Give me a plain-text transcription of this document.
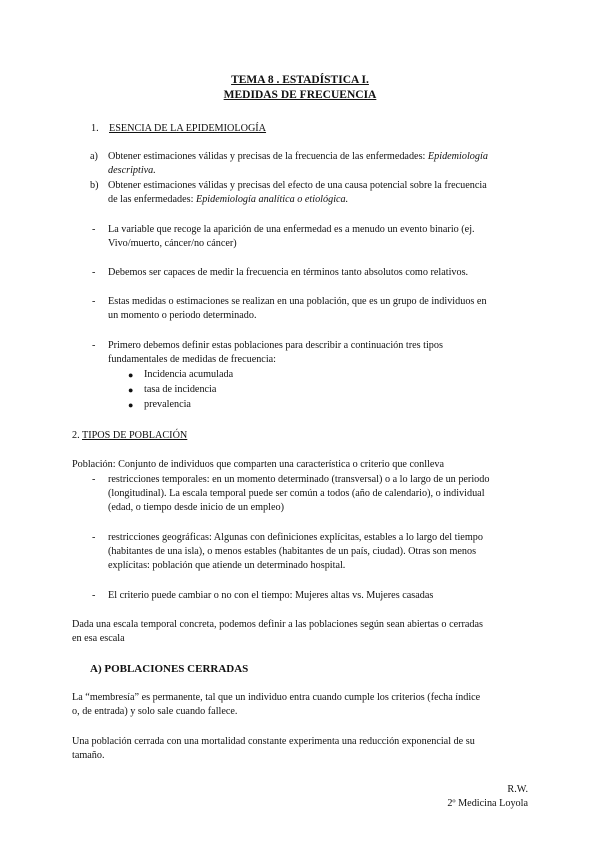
TEMA 8 . ESTADÍSTICA I.
MEDIDAS DE FRECUENCIA
1. ESENCIA DE LA EPIDEMIOLOGÍA
a) Obtener estimaciones válidas y precisas de la frecuencia de las enfermedades: Epidemiología
descriptiva.
b) Obtener estimaciones válidas y precisas del efecto de una causa potencial sobre la frecuencia
de las enfermedades: Epidemiología analítica o etiológica.
- La variable que recoge la aparición de una enfermedad es a menudo un evento binario (ej.
Vivo/muerto, cáncer/no cáncer)
- Debemos ser capaces de medir la frecuencia en términos tanto absolutos como relativos.
- Estas medidas o estimaciones se realizan en una población, que es un grupo de individuos en
un momento o periodo determinado.
- Primero debemos definir estas poblaciones para describir a continuación tres tipos
fundamentales de medidas de frecuencia:
● Incidencia acumulada
● tasa de incidencia
● prevalencia
2. TIPOS DE POBLACIÓN
Población: Conjunto de individuos que comparten una característica o criterio que conlleva
- restricciones temporales: en un momento determinado (transversal) o a lo largo de un periodo
(longitudinal). La escala temporal puede ser común a todos (año de calendario), o individual
(edad, o tiempo desde inicio de un empleo)
- restricciones geográficas: Algunas con definiciones explícitas, estables a lo largo del tiempo
(habitantes de una isla), o menos estables (habitantes de un país, ciudad). Otras son menos
explícitas: población que atiende un determinado hospital.
- El criterio puede cambiar o no con el tiempo: Mujeres altas vs. Mujeres casadas
Dada una escala temporal concreta, podemos definir a las poblaciones según sean abiertas o cerradas
en esa escala
A) POBLACIONES CERRADAS
La “membresía” es permanente, tal que un individuo entra cuando cumple los criterios (fecha índice
o, de entrada) y solo sale cuando fallece.
Una población cerrada con una mortalidad constante experimenta una reducción exponencial de su
tamaño.
R.W.
2º Medicina Loyola
